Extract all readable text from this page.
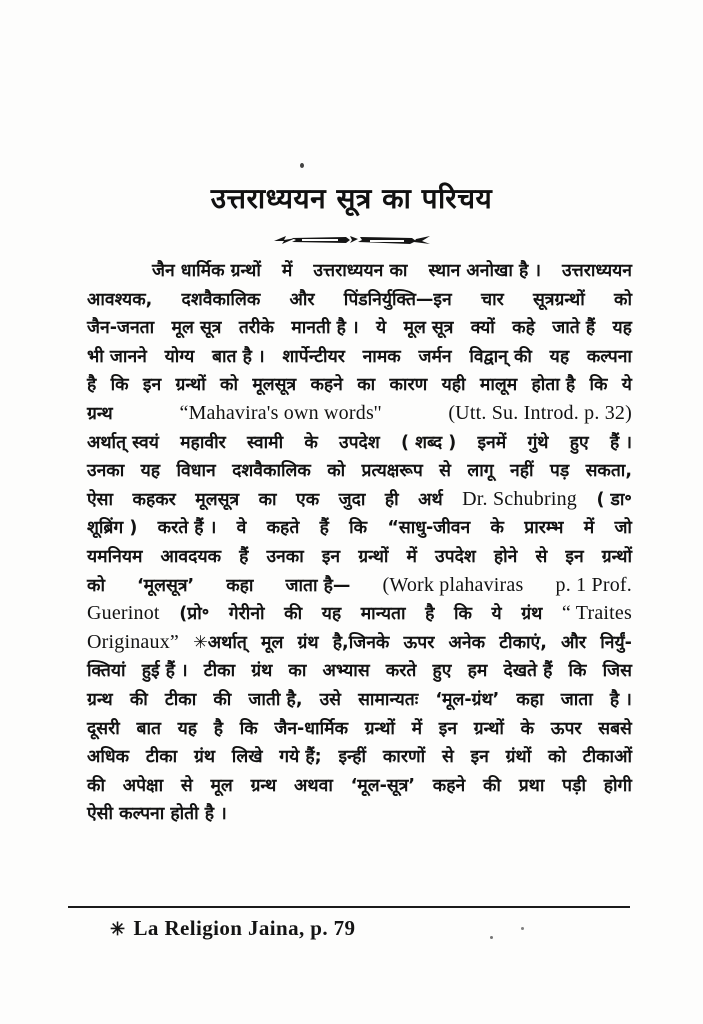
उत्तराध्ययन सूत्र का परिचय
जैन धार्मिक ग्रन्थों में उत्तराध्ययन का स्थान अनोखा है । उत्तराध्ययन
आवश्यक, दशवैकालिक और पिंडनिर्युक्ति—इन चार सूत्रग्रन्थों को
जैन-जनता मूल सूत्र तरीके मानती है । ये मूल सूत्र क्यों कहे जाते हैं यह
भी जानने योग्य बात है । शार्पेन्टीयर नामक जर्मन विद्वान् की यह कल्पना
है कि इन ग्रन्थों को मूलसूत्र कहने का कारण यही मालूम होता है कि ये
ग्रन्थ	“Mahavira's own words''	(Utt. Su. Introd. p. 32)
अर्थात् स्वयं महावीर स्वामी के उपदेश ( शब्द ) इनमें गुंथे हुए हैं ।
उनका यह विधान दशवैकालिक को प्रत्यक्षरूप से लागू नहीं पड़ सकता,
ऐसा कहकर मूलसूत्र का एक जुदा ही अर्थ Dr. Schubring ( डा॰
शूब्रिंग ) करते हैं । वे कहते हैं कि “साधु-जीवन के प्रारम्भ में जो
यमनियम आवदयक हैं उनका इन ग्रन्थों में उपदेश होने से इन ग्रन्थों
को ‘मूलसूत्र’ कहा जाता है— (Work plahaviras p. 1 Prof.
Guerinot (प्रो॰ गेरीनो की यह मान्यता है कि ये ग्रंथ “ Traites
Originaux” ✳अर्थात् मूल ग्रंथ है,जिनके ऊपर अनेक टीकाएं, और निर्युं‌-
क्तियां हुई हैं । टीका ग्रंथ का अभ्यास करते हुए हम देखते हैं कि जिस
ग्रन्थ की टीका की जाती है, उसे सामान्यतः ‘मूल-ग्रंथ’ कहा जाता है ।
दूसरी बात यह है कि जैन-धार्मिक ग्रन्थों में इन ग्रन्थों के ऊपर सबसे
अधिक टीका ग्रंथ लिखे गये हैं; इन्हीं कारणों से इन ग्रंथों को टीकाओं
की अपेक्षा से मूल ग्रन्थ अथवा ‘मूल-सूत्र’ कहने की प्रथा पड़ी होगी
ऐसी कल्पना होती है ।
✳ La Religion Jaina, p. 79
